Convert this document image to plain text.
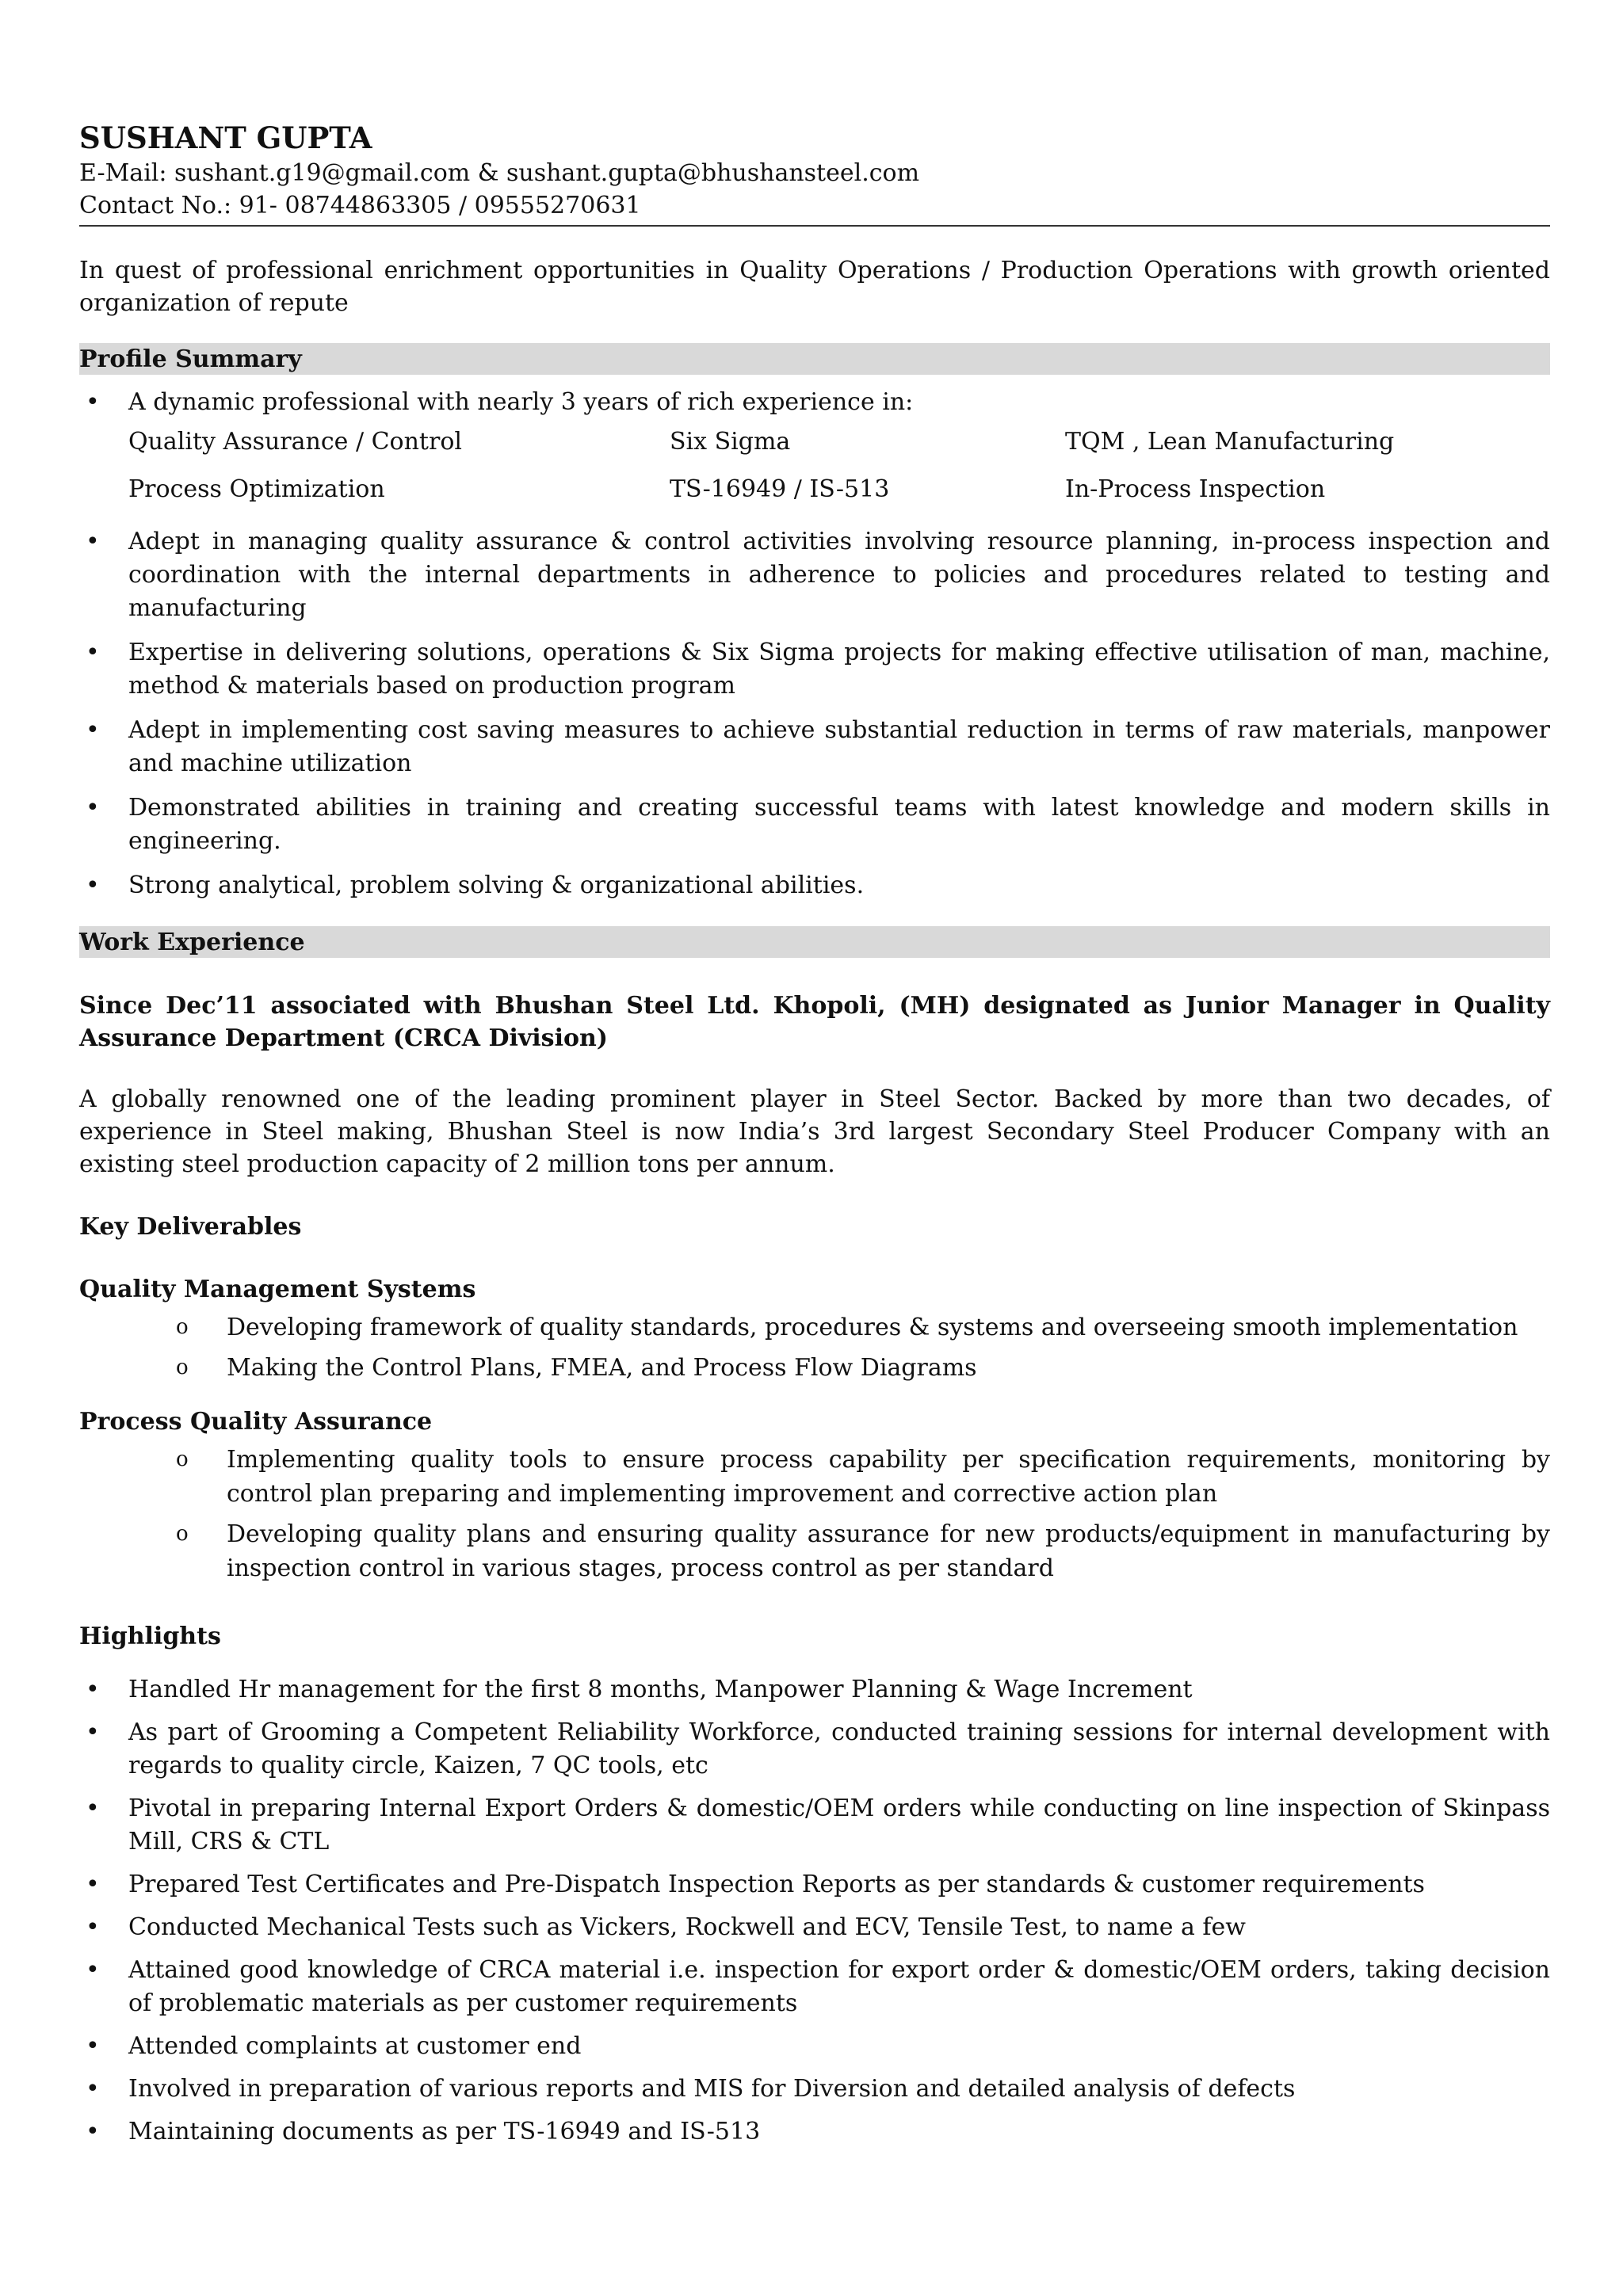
SUSHANT GUPTA
E-Mail: sushant.g19@gmail.com & sushant.gupta@bhushansteel.com
Contact No.: 91- 08744863305 / 09555270631
In quest of professional enrichment opportunities in Quality Operations / Production Operations with growth oriented organization of repute
Profile Summary
• A dynamic professional with nearly 3 years of rich experience in:
Quality Assurance / Control	Six Sigma	TQM , Lean Manufacturing
Process Optimization	TS-16949 / IS-513	In-Process Inspection
• Adept in managing quality assurance & control activities involving resource planning, in-process inspection and coordination with the internal departments in adherence to policies and procedures related to testing and manufacturing
• Expertise in delivering solutions, operations & Six Sigma projects for making effective utilisation of man, machine, method & materials based on production program
• Adept in implementing cost saving measures to achieve substantial reduction in terms of raw materials, manpower and machine utilization
• Demonstrated abilities in training and creating successful teams with latest knowledge and modern skills in engineering.
• Strong analytical, problem solving & organizational abilities.
Work Experience
Since Dec’11 associated with Bhushan Steel Ltd. Khopoli, (MH) designated as Junior Manager in Quality Assurance Department (CRCA Division)
A globally renowned one of the leading prominent player in Steel Sector. Backed by more than two decades, of experience in Steel making, Bhushan Steel is now India’s 3rd largest Secondary Steel Producer Company with an existing steel production capacity of 2 million tons per annum.
Key Deliverables
Quality Management Systems
o Developing framework of quality standards, procedures & systems and overseeing smooth implementation
o Making the Control Plans, FMEA, and Process Flow Diagrams
Process Quality Assurance
o Implementing quality tools to ensure process capability per specification requirements, monitoring by control plan preparing and implementing improvement and corrective action plan
o Developing quality plans and ensuring quality assurance for new products/equipment in manufacturing by inspection control in various stages, process control as per standard
Highlights
• Handled Hr management for the first 8 months, Manpower Planning & Wage Increment
• As part of Grooming a Competent Reliability Workforce, conducted training sessions for internal development with regards to quality circle, Kaizen, 7 QC tools, etc
• Pivotal in preparing Internal Export Orders & domestic/OEM orders while conducting on line inspection of Skinpass Mill, CRS & CTL
• Prepared Test Certificates and Pre-Dispatch Inspection Reports as per standards & customer requirements
• Conducted Mechanical Tests such as Vickers, Rockwell and ECV, Tensile Test, to name a few
• Attained good knowledge of CRCA material i.e. inspection for export order & domestic/OEM orders, taking decision of problematic materials as per customer requirements
• Attended complaints at customer end
• Involved in preparation of various reports and MIS for Diversion and detailed analysis of defects
• Maintaining documents as per TS-16949 and IS-513
